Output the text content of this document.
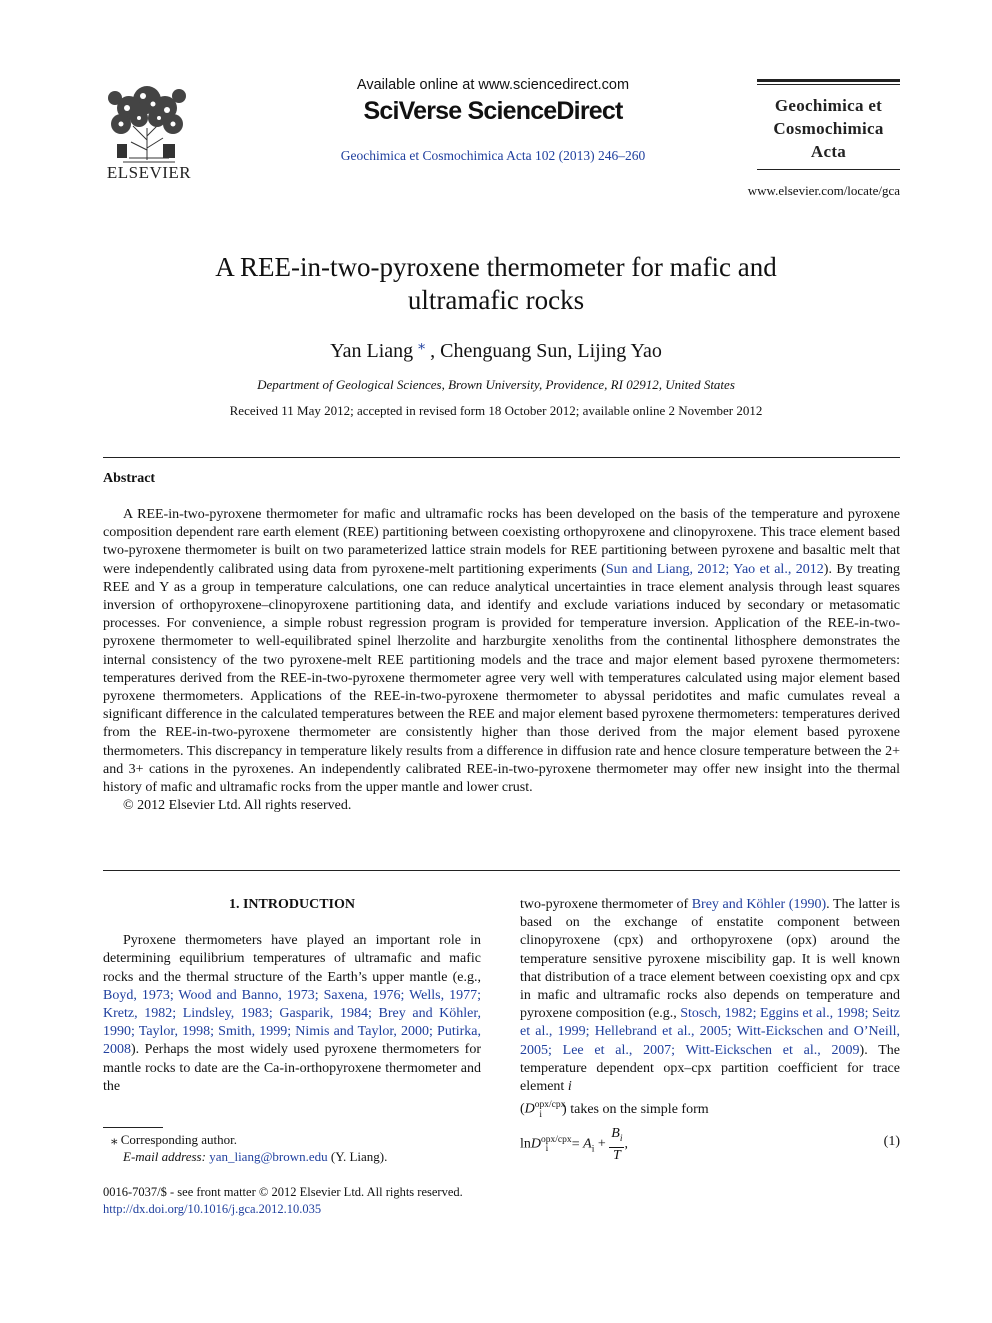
ELSEVIER
Available online at www.sciencedirect.com
SciVerse ScienceDirect
Geochimica et Cosmochimica Acta 102 (2013) 246–260
Geochimica et
Cosmochimica
Acta
www.elsevier.com/locate/gca
A REE-in-two-pyroxene thermometer for mafic and
ultramafic rocks
Yan Liang ⁎ , Chenguang Sun, Lijing Yao
Department of Geological Sciences, Brown University, Providence, RI 02912, United States
Received 11 May 2012; accepted in revised form 18 October 2012; available online 2 November 2012
Abstract

A REE-in-two-pyroxene thermometer for mafic and ultramafic rocks has been developed on the basis of the temperature and pyroxene composition dependent rare earth element (REE) partitioning between coexisting orthopyroxene and clinopyroxene. This trace element based two-pyroxene thermometer is built on two parameterized lattice strain models for REE partitioning between pyroxene and basaltic melt that were independently calibrated using data from pyroxene-melt partitioning experiments (Sun and Liang, 2012; Yao et al., 2012). By treating REE and Y as a group in temperature calculations, one can reduce analytical uncertainties in trace element analysis through least squares inversion of orthopyroxene–clinopyroxene partitioning data, and identify and exclude variations induced by secondary or metasomatic processes. For convenience, a simple robust regression program is provided for temperature inversion. Application of the REE-in-two-pyroxene thermometer to well-equilibrated spinel lherzolite and harzburgite xenoliths from the continental lithosphere demonstrates the internal consistency of the two pyroxene-melt REE partitioning models and the trace and major element based pyroxene thermometers: temperatures derived from the REE-in-two-pyroxene thermometer agree very well with temperatures calculated using major element based pyroxene thermometers. Applications of the REE-in-two-pyroxene thermometer to abyssal peridotites and mafic cumulates reveal a significant difference in the calculated temperatures between the REE and major element based pyroxene thermometers: temperatures derived from the REE-in-two-pyroxene thermometer are consistently higher than those derived from the major element based pyroxene thermometers. This discrepancy in temperature likely results from a difference in diffusion rate and hence closure temperature between the 2+ and 3+ cations in the pyroxenes. An independently calibrated REE-in-two-pyroxene thermometer may offer new insight into the thermal history of mafic and ultramafic rocks from the upper mantle and lower crust.

© 2012 Elsevier Ltd. All rights reserved.

1. INTRODUCTION

Pyroxene thermometers have played an important role in determining equilibrium temperatures of ultramafic and mafic rocks and the thermal structure of the Earth’s upper mantle (e.g., Boyd, 1973; Wood and Banno, 1973; Saxena, 1976; Wells, 1977; Kretz, 1982; Lindsley, 1983; Gasparik, 1984; Brey and Köhler, 1990; Taylor, 1998; Smith, 1999; Nimis and Taylor, 2000; Putirka, 2008). Perhaps the most widely used pyroxene thermometers for mantle rocks to date are the Ca-in-orthopyroxene thermometer and the

two-pyroxene thermometer of Brey and Köhler (1990). The latter is based on the exchange of enstatite component between clinopyroxene (cpx) and orthopyroxene (opx) around the temperature sensitive pyroxene miscibility gap. It is well known that distribution of a trace element between coexisting opx and cpx in mafic and ultramafic rocks also depends on temperature and pyroxene composition (e.g., Stosch, 1982; Eggins et al., 1998; Seitz et al., 1999; Hellebrand et al., 2005; Witt-Eickschen and O’Neill, 2005; Lee et al., 2007; Witt-Eickschen et al., 2009). The temperature dependent opx–cpx partition coefficient for trace element i
($D^{opx/cpx}_i$ ) takes on the simple form

$\ln D^{opx/cpx}_i = A_i + \frac{B_i}{T}$ ,	(1)
⁎ Corresponding author.
E-mail address: yan_liang@brown.edu (Y. Liang).
0016-7037/$ - see front matter © 2012 Elsevier Ltd. All rights reserved.
http://dx.doi.org/10.1016/j.gca.2012.10.035
